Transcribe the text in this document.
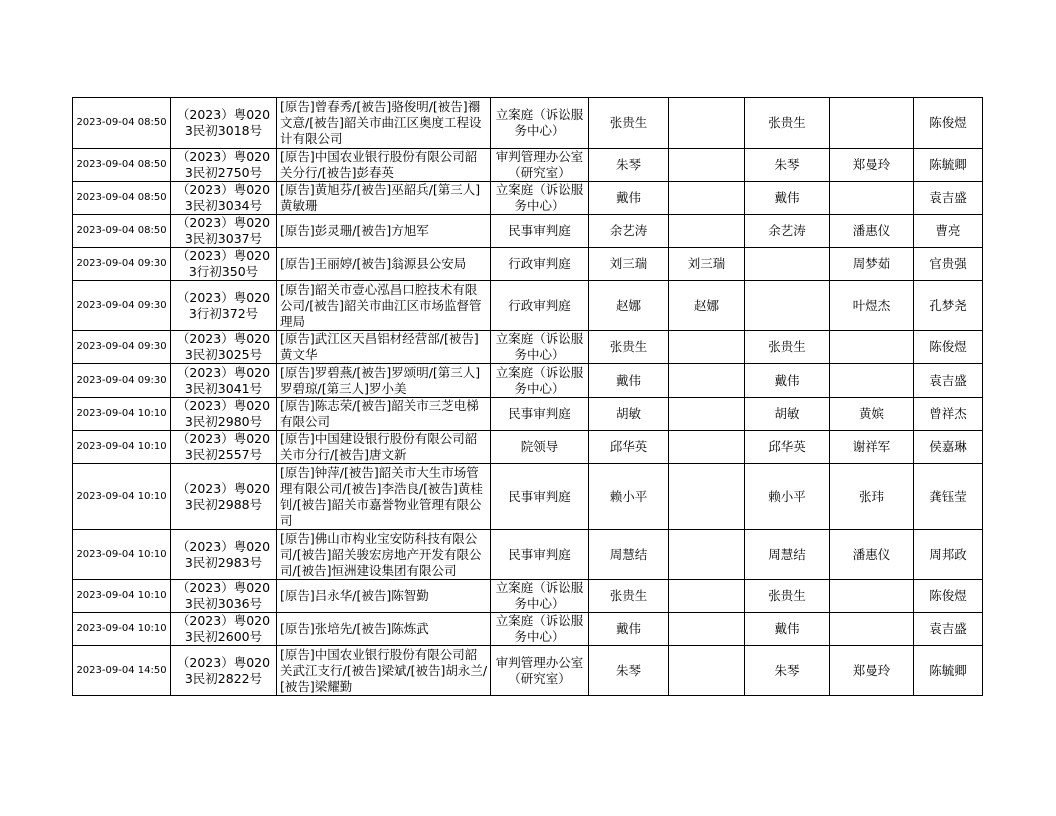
2023-09-04 08:50	（2023）粤0203民初3018号	[原告]曾春秀/[被告]骆俊明/[被告]禤文意/[被告]韶关市曲江区奥度工程设计有限公司	立案庭（诉讼服务中心）	张贵生		张贵生		陈俊煜
2023-09-04 08:50	（2023）粤0203民初2750号	[原告]中国农业银行股份有限公司韶关分行/[被告]彭春英	审判管理办公室（研究室）	朱琴		朱琴	郑曼玲	陈毓卿
2023-09-04 08:50	（2023）粤0203民初3034号	[原告]黄旭芬/[被告]巫韶兵/[第三人]黄敏珊	立案庭（诉讼服务中心）	戴伟		戴伟		袁吉盛
2023-09-04 08:50	（2023）粤0203民初3037号	[原告]彭灵珊/[被告]方旭军	民事审判庭	余艺涛		余艺涛	潘惠仪	曹亮
2023-09-04 09:30	（2023）粤0203行初350号	[原告]王丽婷/[被告]翁源县公安局	行政审判庭	刘三瑞	刘三瑞		周梦茹	官贵强
2023-09-04 09:30	（2023）粤0203行初372号	[原告]韶关市壹心泓昌口腔技术有限公司/[被告]韶关市曲江区市场监督管理局	行政审判庭	赵娜	赵娜		叶煜杰	孔梦尧
2023-09-04 09:30	（2023）粤0203民初3025号	[原告]武江区天昌铝材经营部/[被告]黄文华	立案庭（诉讼服务中心）	张贵生		张贵生		陈俊煜
2023-09-04 09:30	（2023）粤0203民初3041号	[原告]罗碧燕/[被告]罗颂明/[第三人]罗碧琼/[第三人]罗小美	立案庭（诉讼服务中心）	戴伟		戴伟		袁吉盛
2023-09-04 10:10	（2023）粤0203民初2980号	[原告]陈志荣/[被告]韶关市三芝电梯有限公司	民事审判庭	胡敏		胡敏	黄嫔	曾祥杰
2023-09-04 10:10	（2023）粤0203民初2557号	[原告]中国建设银行股份有限公司韶关市分行/[被告]唐文新	院领导	邱华英		邱华英	谢祥军	侯嘉琳
2023-09-04 10:10	（2023）粤0203民初2988号	[原告]钟萍/[被告]韶关市大生市场管理有限公司/[被告]李浩良/[被告]黄桂钊/[被告]韶关市嘉誉物业管理有限公司	民事审判庭	赖小平		赖小平	张玮	龚钰莹
2023-09-04 10:10	（2023）粤0203民初2983号	[原告]佛山市构业宝安防科技有限公司/[被告]韶关骏宏房地产开发有限公司/[被告]恒洲建设集团有限公司	民事审判庭	周慧结		周慧结	潘惠仪	周邦政
2023-09-04 10:10	（2023）粤0203民初3036号	[原告]吕永华/[被告]陈智勤	立案庭（诉讼服务中心）	张贵生		张贵生		陈俊煜
2023-09-04 10:10	（2023）粤0203民初2600号	[原告]张培先/[被告]陈炼武	立案庭（诉讼服务中心）	戴伟		戴伟		袁吉盛
2023-09-04 14:50	（2023）粤0203民初2822号	[原告]中国农业银行股份有限公司韶关武江支行/[被告]梁斌/[被告]胡永兰/[被告]梁耀勤	审判管理办公室（研究室）	朱琴		朱琴	郑曼玲	陈毓卿
